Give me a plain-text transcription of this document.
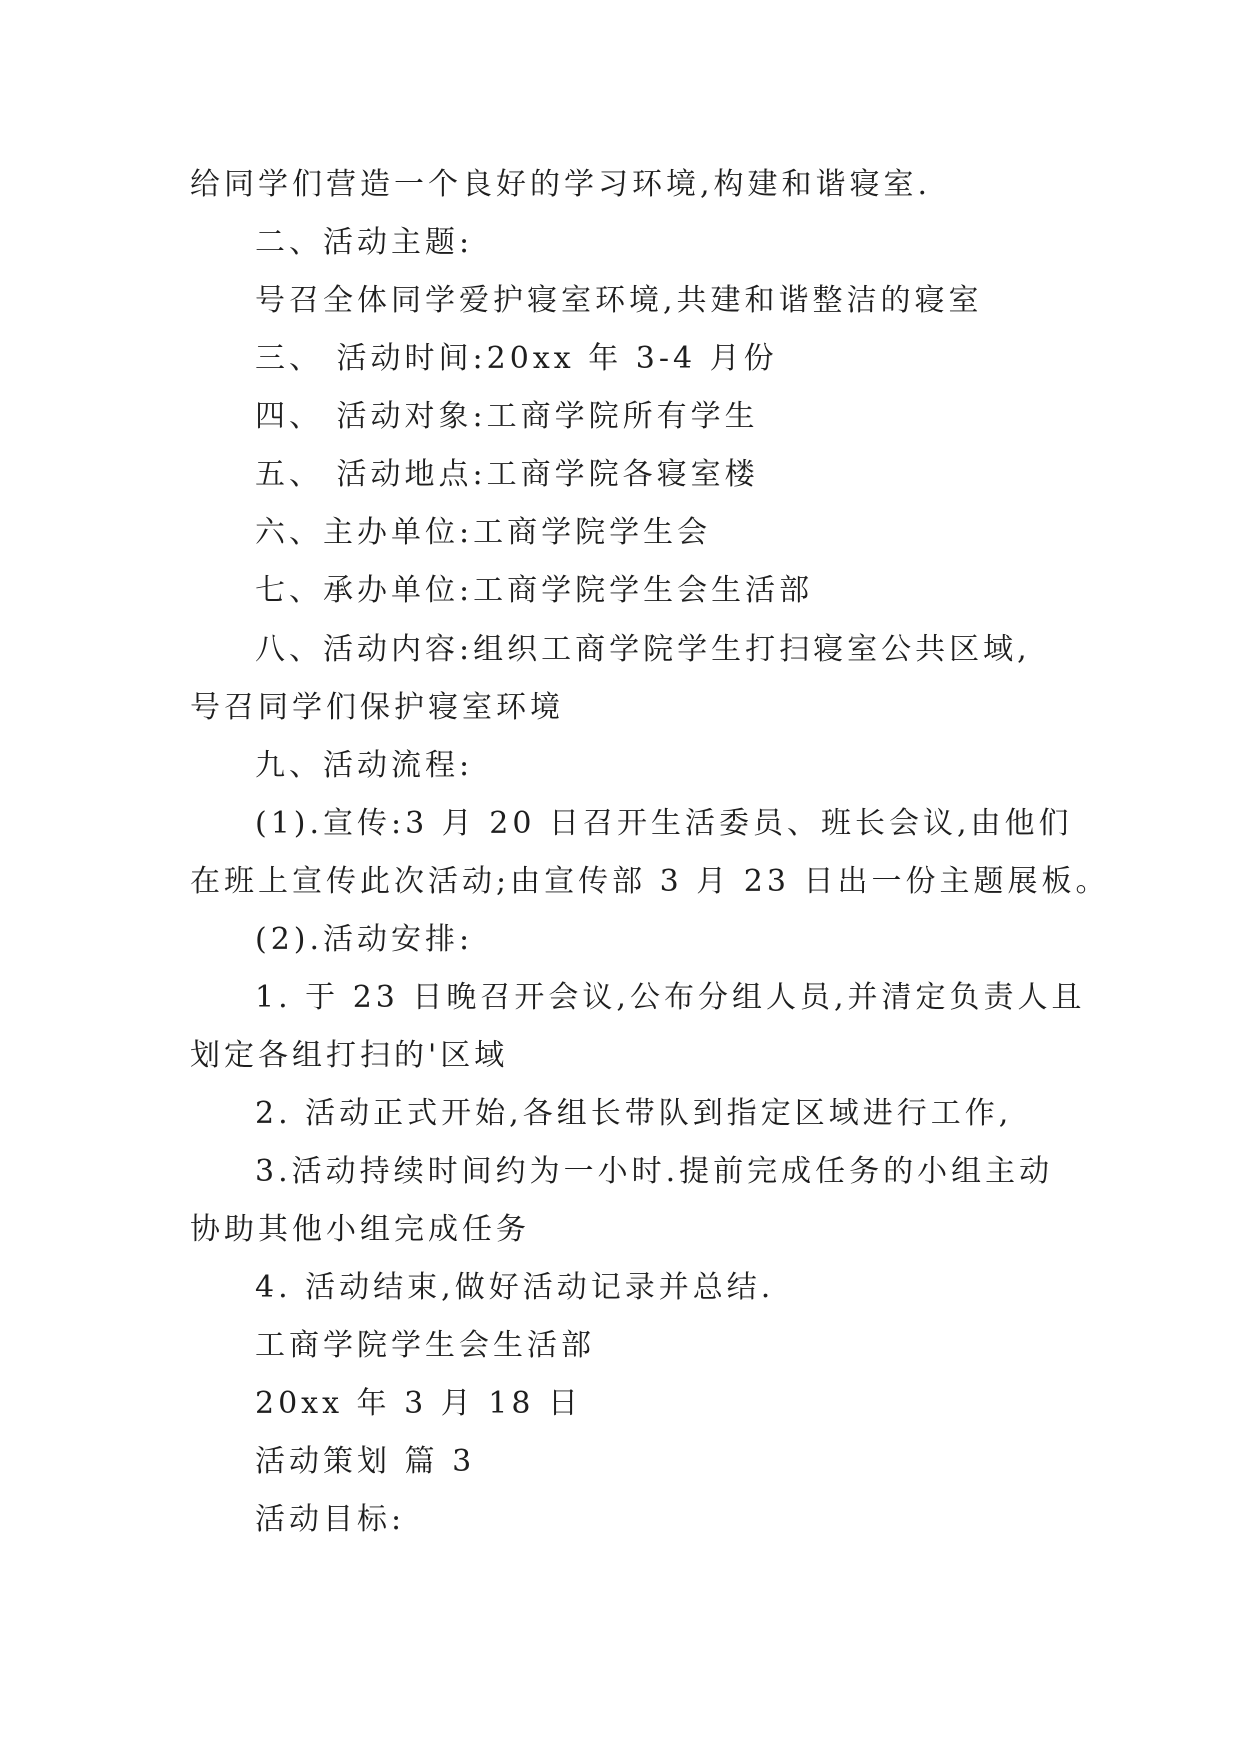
给同学们营造一个良好的学习环境,构建和谐寝室.
二、活动主题:
号召全体同学爱护寝室环境,共建和谐整洁的寝室
三、 活动时间:20xx 年 3-4 月份
四、 活动对象:工商学院所有学生
五、 活动地点:工商学院各寝室楼
六、主办单位:工商学院学生会
七、承办单位:工商学院学生会生活部
八、活动内容:组织工商学院学生打扫寝室公共区域,
号召同学们保护寝室环境
九、活动流程:
(1).宣传:3 月 20 日召开生活委员、班长会议,由他们
在班上宣传此次活动;由宣传部 3 月 23 日出一份主题展板。
(2).活动安排:
1. 于 23 日晚召开会议,公布分组人员,并清定负责人且
划定各组打扫的'区域
2. 活动正式开始,各组长带队到指定区域进行工作,
3.活动持续时间约为一小时.提前完成任务的小组主动
协助其他小组完成任务
4. 活动结束,做好活动记录并总结.
工商学院学生会生活部
20xx 年 3 月 18 日
活动策划 篇 3
活动目标:
